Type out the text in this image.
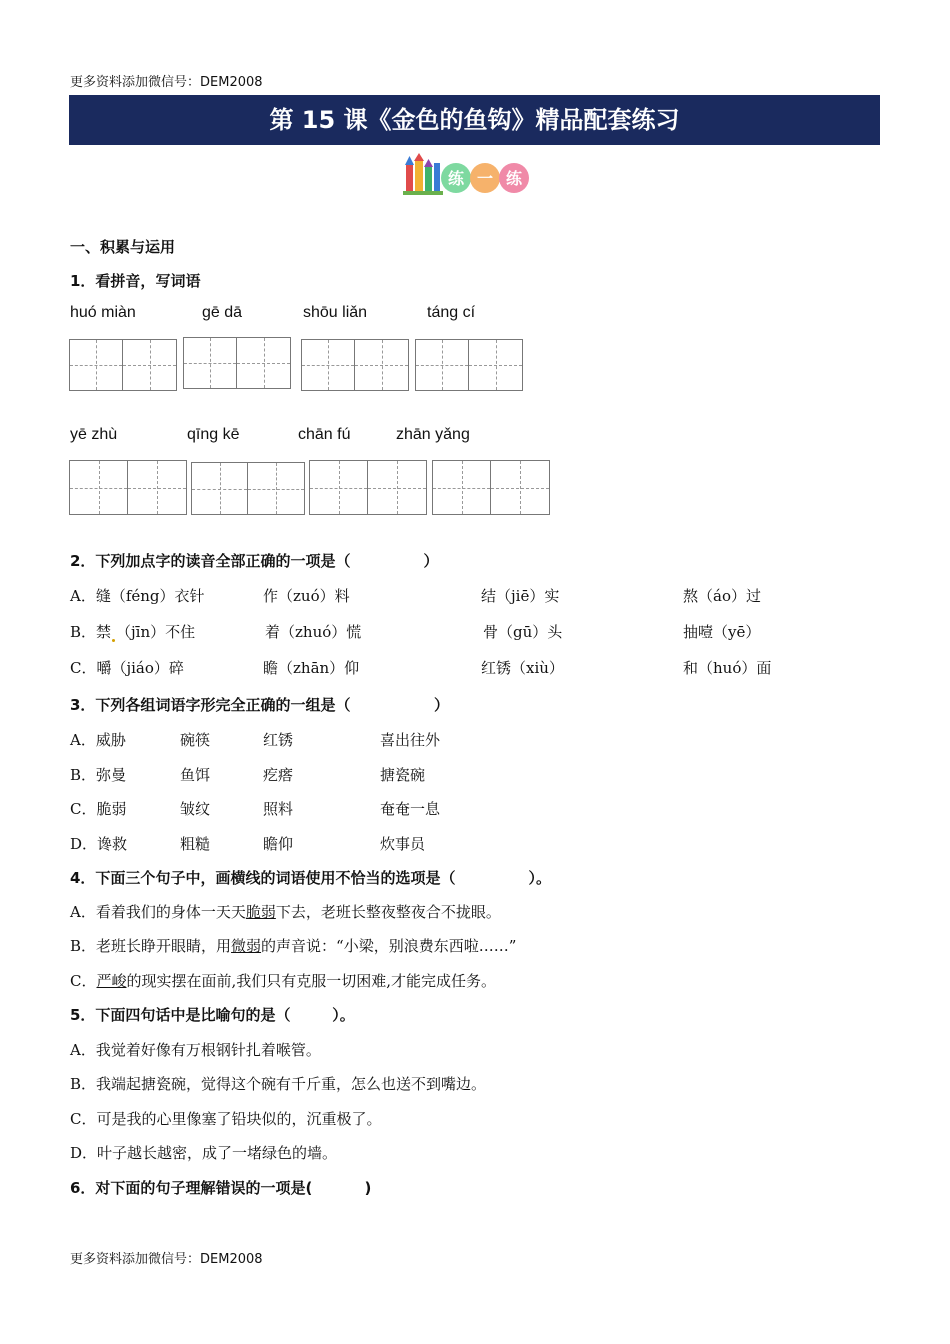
更多资料添加微信号：DEM2008
第 15 课《金色的鱼钩》精品配套练习
练 一 练
一、积累与运用
1．看拼音，写词语
huó miàn	gē dā	shōu liǎn	táng cí
yē zhù	qīng kē	chān fú	zhān yǎng
2．下列加点字的读音全部正确的一项是（              ）
A．缝（féng）衣针	作（zuó）料	结（jiē）实	熬（áo）过
B．禁 （jīn）不住	着（zhuó）慌	骨（gū）头	抽噎（yē）
C．嚼（jiáo）碎	瞻（zhān）仰	红锈（xiù）	和（huó）面
3．下列各组词语字形完全正确的一组是（                ）
A．威胁	碗筷	红锈	喜出往外
B．弥曼	鱼饵	疙瘩	搪瓷碗
C．脆弱	皱纹	照料	奄奄一息
D．谗救	粗糙	瞻仰	炊事员
4．下面三个句子中，画横线的词语使用不恰当的选项是（              ）。
A．看着我们的身体一天天脆弱下去，老班长整夜整夜合不拢眼。
B．老班长睁开眼睛，用微弱的声音说：“小梁，别浪费东西啦……”
C．严峻的现实摆在面前,我们只有克服一切困难,才能完成任务。
5．下面四句话中是比喻句的是（        ）。
A．我觉着好像有万根钢针扎着喉管。
B．我端起搪瓷碗，觉得这个碗有千斤重，怎么也送不到嘴边。
C．可是我的心里像塞了铅块似的，沉重极了。
D．叶子越长越密，成了一堵绿色的墙。
6．对下面的句子理解错误的一项是(          )
更多资料添加微信号：DEM2008
